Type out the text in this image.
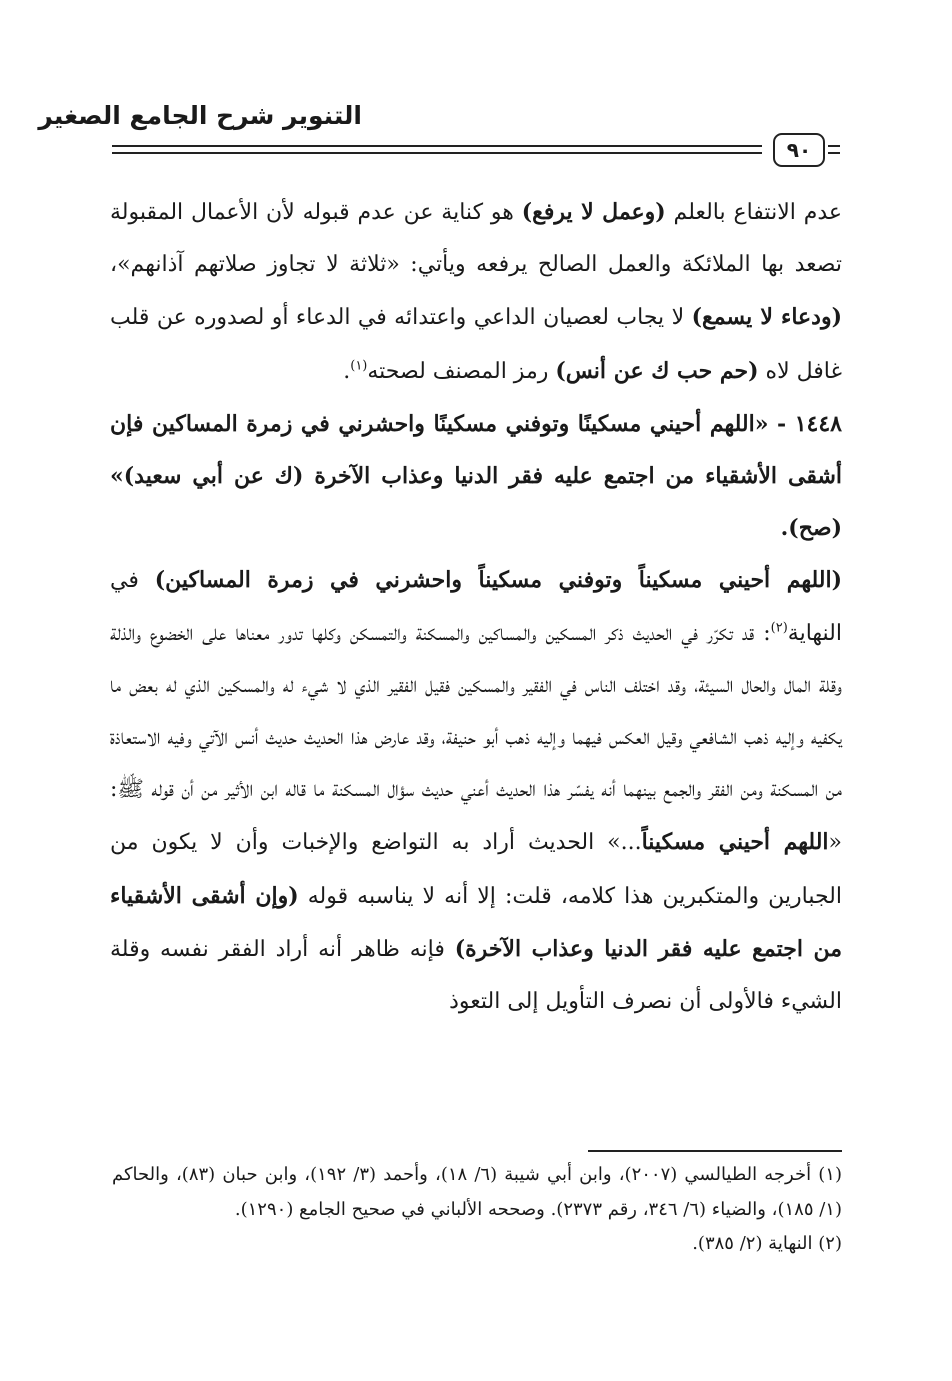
التنوير شرح الجامع الصغير
٩٠

عدم الانتفاع بالعلم (وعمل لا يرفع) هو كناية عن عدم قبوله لأن الأعمال المقبولة تصعد بها الملائكة والعمل الصالح يرفعه ويأتي: «ثلاثة لا تجاوز صلاتهم آذانهم»، (ودعاء لا يسمع) لا يجاب لعصيان الداعي واعتدائه في الدعاء أو لصدوره عن قلب غافل لاه (حم حب ك عن أنس) رمز المصنف لصحته$^{(١)}$.

١٤٤٨ - «اللهم أحيني مسكينًا وتوفني مسكينًا واحشرني في زمرة المساكين فإن أشقى الأشقياء من اجتمع عليه فقر الدنيا وعذاب الآخرة (ك عن أبي سعيد)» (صح).

(اللهم أحيني مسكيناً وتوفني مسكيناً واحشرني في زمرة المساكين) في النهاية$^{(٢)}$: قد تكرّر في الحديث ذكر المسكين والمساكين والمسكنة والتمسكن وكلها تدور معناها على الخضوع والذلة وقلة المال والحال السيئة، وقد اختلف الناس في الفقير والمسكين فقيل الفقير الذي لا شيء له والمسكين الذي له بعض ما يكفيه وإليه ذهب الشافعي وقيل العكس فيهما وإليه ذهب أبو حنيفة، وقد عارض هذا الحديث حديث أنس الآتي وفيه الاستعاذة من المسكنة ومن الفقر والجمع بينهما أنه يفسّر هذا الحديث أعني حديث سؤال المسكنة ما قاله ابن الأثير من أن قوله ﷺ: «اللهم أحيني مسكيناً...» الحديث أراد به التواضع والإخبات وأن لا يكون من الجبارين والمتكبرين هذا كلامه، قلت: إلا أنه لا يناسبه قوله (وإن أشقى الأشقياء من اجتمع عليه فقر الدنيا وعذاب الآخرة) فإنه ظاهر أنه أراد الفقر نفسه وقلة الشيء فالأولى أن نصرف التأويل إلى التعوذ

(١) أخرجه الطيالسي (٢٠٠٧)، وابن أبي شيبة (٦/ ١٨)، وأحمد (٣/ ١٩٢)، وابن حبان (٨٣)، والحاكم (١/ ١٨٥)، والضياء (٦/ ٣٤٦، رقم ٢٣٧٣). وصححه الألباني في صحيح الجامع (١٢٩٠).

(٢) النهاية (٢/ ٣٨٥).
